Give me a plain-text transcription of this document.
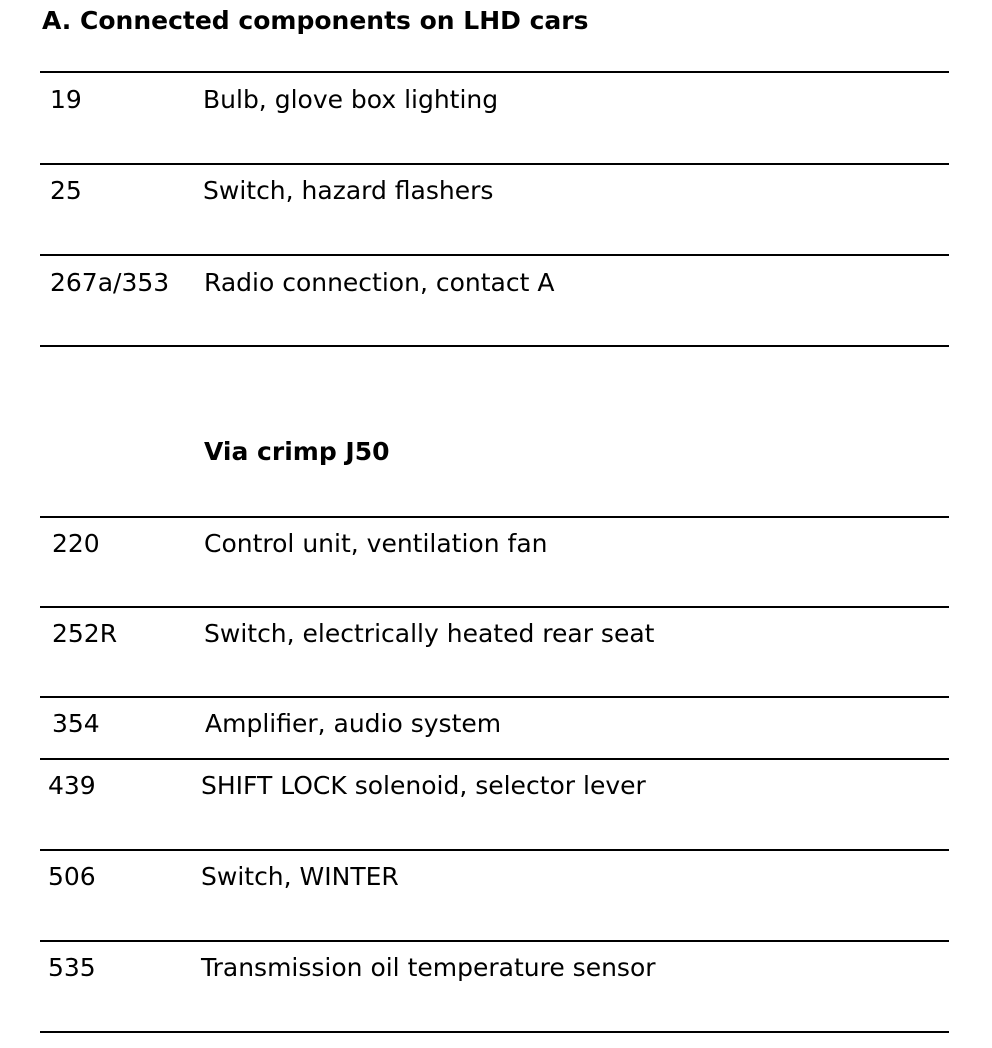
A. Connected components on LHD cars
19	Bulb, glove box lighting
25	Switch, hazard flashers
267a/353 Radio connection, contact A
Via crimp J50
220	Control unit, ventilation fan
252R	Switch, electrically heated rear seat
354	Amplifier, audio system
439	SHIFT LOCK solenoid, selector lever
506	Switch, WINTER
535	Transmission oil temperature sensor
